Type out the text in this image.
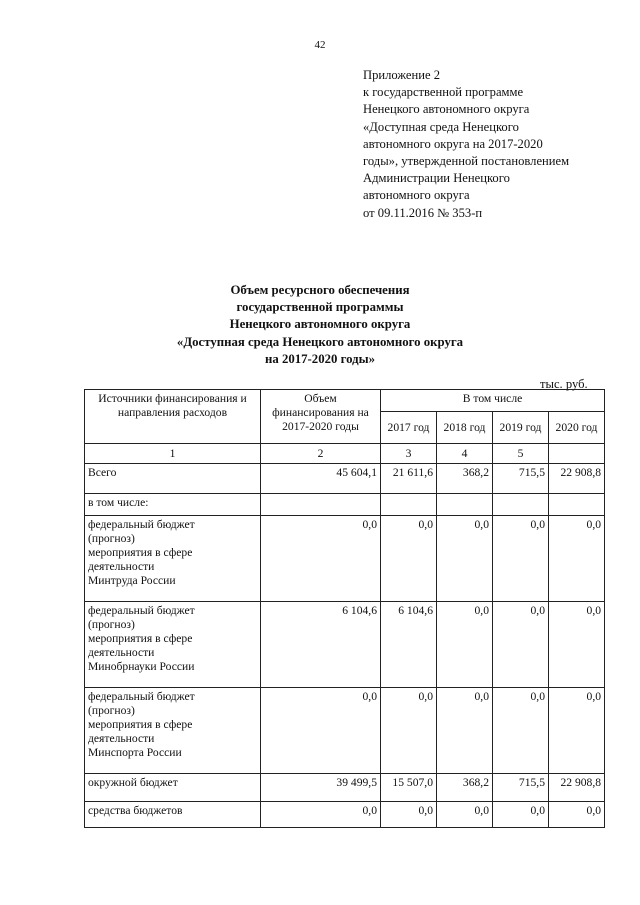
42
Приложение 2
к государственной программе
Ненецкого автономного округа
«Доступная среда Ненецкого
автономного округа на 2017-2020
годы», утвержденной постановлением
Администрации Ненецкого
автономного округа
от 09.11.2016 № 353-п
Объем ресурсного обеспечения
государственной программы
Ненецкого автономного округа
«Доступная среда Ненецкого автономного округа
на 2017-2020 годы»
тыс. руб.
Источники финансирования и направления расходов	Объем финансирования на 2017-2020 годы	В том числе			
		2017 год	2018 год	2019 год	2020 год
1	2	3	4	5	

Всего	45 604,1	21 611,6	368,2	715,5	22 908,8

в том числе:					

федеральный бюджет
(прогноз)
мероприятия в сфере
деятельности
Минтруда России	0,0	0,0	0,0	0,0	0,0

федеральный бюджет
(прогноз)
мероприятия в сфере
деятельности
Минобрнауки России	6 104,6	6 104,6	0,0	0,0	0,0

федеральный бюджет
(прогноз)
мероприятия в сфере
деятельности
Минспорта России	0,0	0,0	0,0	0,0	0,0

окружной бюджет	39 499,5	15 507,0	368,2	715,5	22 908,8

средства бюджетов	0,0	0,0	0,0	0,0	0,0
